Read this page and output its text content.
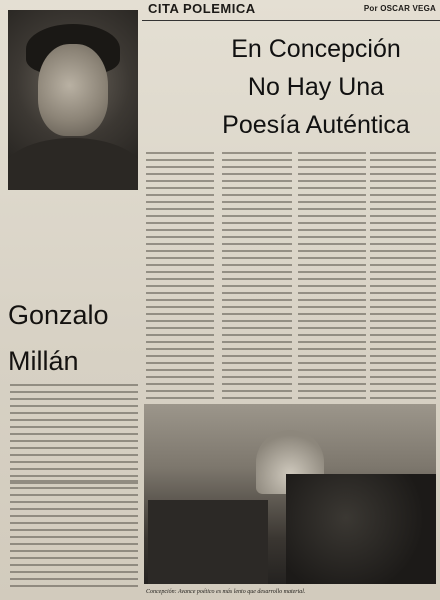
CITA POLEMICA	Por OSCAR VEGA
En Concepción
No Hay Una
Poesía Auténtica
Gonzalo
Millán
Concepción: Avance poético es más lento que desarrollo material.
